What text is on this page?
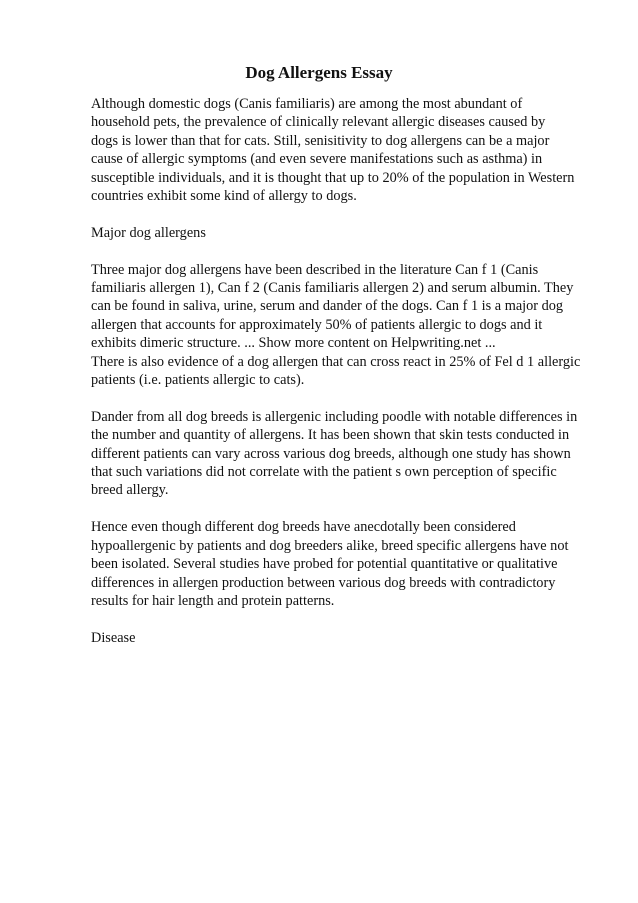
Dog Allergens Essay
Although domestic dogs (Canis familiaris) are among the most abundant of
household pets, the prevalence of clinically relevant allergic diseases caused by
dogs is lower than that for cats. Still, senisitivity to dog allergens can be a major
cause of allergic symptoms (and even severe manifestations such as asthma) in
susceptible individuals, and it is thought that up to 20% of the population in Western
countries exhibit some kind of allergy to dogs.
Major dog allergens
Three major dog allergens have been described in the literature Can f 1 (Canis
familiaris allergen 1), Can f 2 (Canis familiaris allergen 2) and serum albumin. They
can be found in saliva, urine, serum and dander of the dogs. Can f 1 is a major dog
allergen that accounts for approximately 50% of patients allergic to dogs and it
exhibits dimeric structure. ... Show more content on Helpwriting.net ...
There is also evidence of a dog allergen that can cross react in 25% of Fel d 1 allergic
patients (i.e. patients allergic to cats).
Dander from all dog breeds is allergenic including poodle with notable differences in
the number and quantity of allergens. It has been shown that skin tests conducted in
different patients can vary across various dog breeds, although one study has shown
that such variations did not correlate with the patient s own perception of specific
breed allergy.
Hence even though different dog breeds have anecdotally been considered
hypoallergenic by patients and dog breeders alike, breed specific allergens have not
been isolated. Several studies have probed for potential quantitative or qualitative
differences in allergen production between various dog breeds with contradictory
results for hair length and protein patterns.
Disease
